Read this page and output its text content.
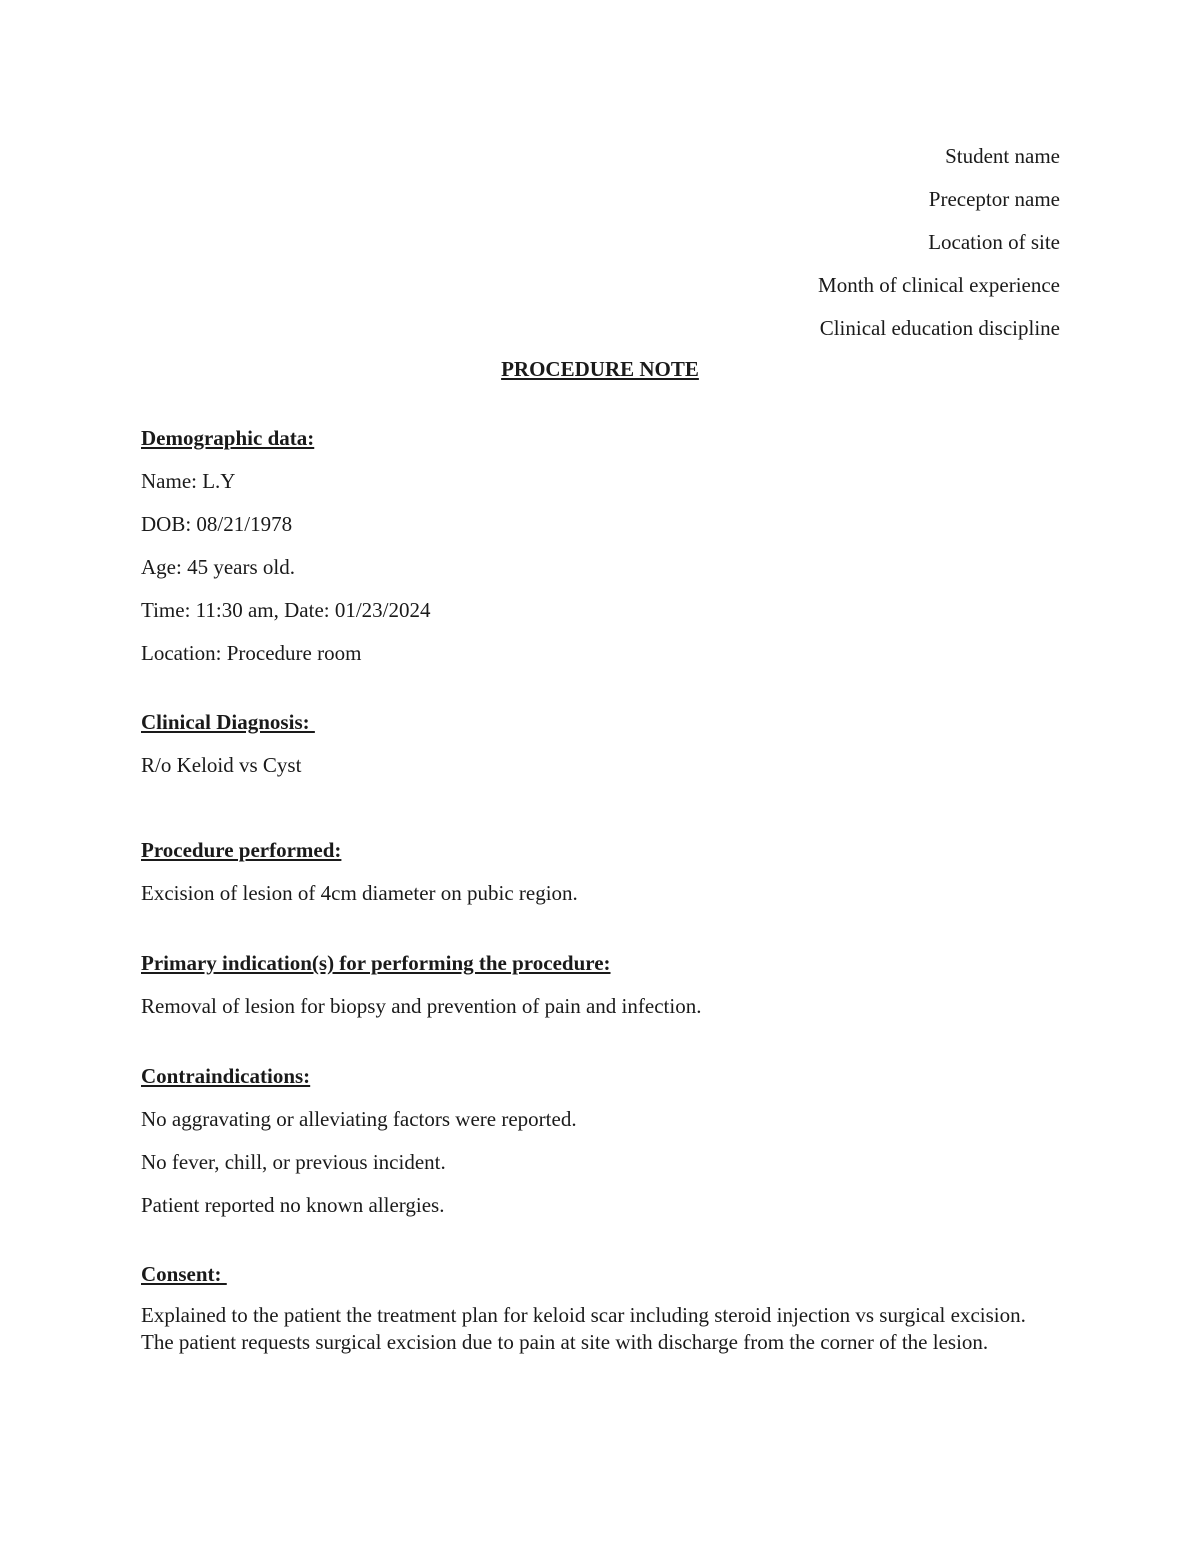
Student name
Preceptor name
Location of site
Month of clinical experience
Clinical education discipline
PROCEDURE NOTE
Demographic data:
Name: L.Y
DOB: 08/21/1978
Age: 45 years old.
Time: 11:30 am, Date: 01/23/2024
Location: Procedure room
Clinical Diagnosis:
R/o Keloid vs Cyst
Procedure performed:
Excision of lesion of 4cm diameter on pubic region.
Primary indication(s) for performing the procedure:
Removal of lesion for biopsy and prevention of pain and infection.
Contraindications:
No aggravating or alleviating factors were reported.
No fever, chill, or previous incident.
Patient reported no known allergies.
Consent:

Explained to the patient the treatment plan for keloid scar including steroid injection vs surgical excision. The patient requests surgical excision due to pain at site with discharge from the corner of the lesion.
